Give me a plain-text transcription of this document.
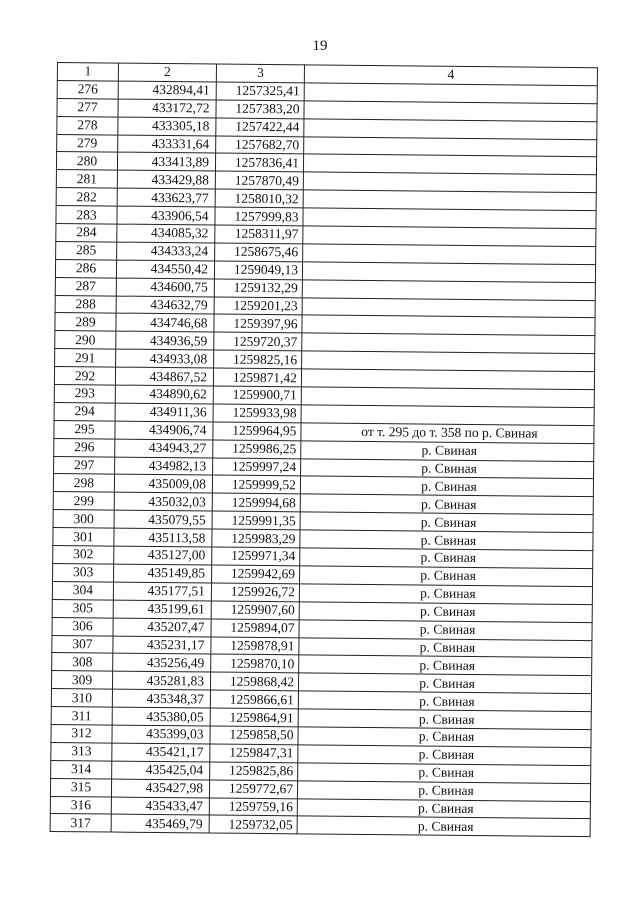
19
1	2	3	4
276	432894,41	1257325,41	
277	433172,72	1257383,20	
278	433305,18	1257422,44	
279	433331,64	1257682,70	
280	433413,89	1257836,41	
281	433429,88	1257870,49	
282	433623,77	1258010,32	
283	433906,54	1257999,83	
284	434085,32	1258311,97	
285	434333,24	1258675,46	
286	434550,42	1259049,13	
287	434600,75	1259132,29	
288	434632,79	1259201,23	
289	434746,68	1259397,96	
290	434936,59	1259720,37	
291	434933,08	1259825,16	
292	434867,52	1259871,42	
293	434890,62	1259900,71	
294	434911,36	1259933,98	
295	434906,74	1259964,95	от т. 295 до т. 358 по р. Свиная
296	434943,27	1259986,25	р. Свиная
297	434982,13	1259997,24	р. Свиная
298	435009,08	1259999,52	р. Свиная
299	435032,03	1259994,68	р. Свиная
300	435079,55	1259991,35	р. Свиная
301	435113,58	1259983,29	р. Свиная
302	435127,00	1259971,34	р. Свиная
303	435149,85	1259942,69	р. Свиная
304	435177,51	1259926,72	р. Свиная
305	435199,61	1259907,60	р. Свиная
306	435207,47	1259894,07	р. Свиная
307	435231,17	1259878,91	р. Свиная
308	435256,49	1259870,10	р. Свиная
309	435281,83	1259868,42	р. Свиная
310	435348,37	1259866,61	р. Свиная
311	435380,05	1259864,91	р. Свиная
312	435399,03	1259858,50	р. Свиная
313	435421,17	1259847,31	р. Свиная
314	435425,04	1259825,86	р. Свиная
315	435427,98	1259772,67	р. Свиная
316	435433,47	1259759,16	р. Свиная
317	435469,79	1259732,05	р. Свиная
